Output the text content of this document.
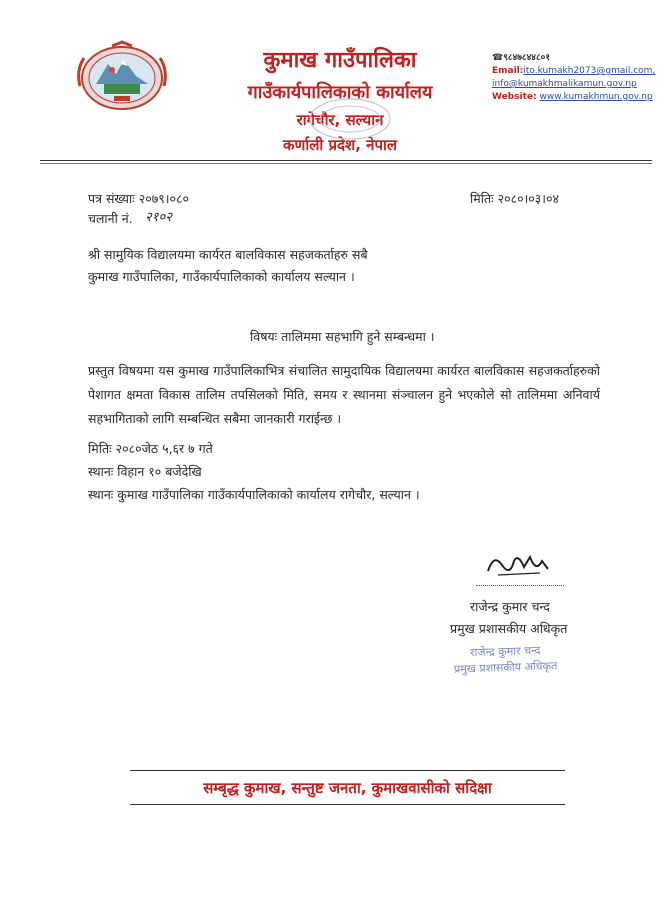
कुमाख गाउँपालिका
गाउँकार्यपालिकाको कार्यालय
रागेचौर, सल्यान
कर्णाली प्रदेश, नेपाल
☎९८४७८४४८०१
Email:ito.kumakh2073@gmail.com,
info@kumakhmalikamun.gov.np
Website: www.kumakhmun.gov.np
पत्र संख्याः २०७९।०८०
चलानी नं. २१०२
मितिः २०८०।०३।०४
श्री सामुयिक विद्यालयमा कार्यरत बालविकास सहजकर्ताहरु सबै
कुमाख गाउँपालिका, गाउँकार्यपालिकाको कार्यालय सल्यान ।
विषयः तालिममा सहभागि हुने सम्बन्धमा ।
प्रस्तुत विषयमा यस कुमाख गाउँपालिकाभित्र संचालित सामुदायिक विद्यालयमा कार्यरत बालविकास सहजकर्ताहरुको पेशागत क्षमता विकास तालिम तपसिलको मिति, समय र स्थानमा संञ्चालन हुने भएकोले सो तालिममा अनिवार्य सहभागिताको लागि सम्बन्धित सबैमा जानकारी गराईन्छ ।
मितिः २०८०जेठ ५,६र ७ गते
स्थानः विहान १० बजेदेखि
स्थानः कुमाख गाउँपालिका गाउँकार्यपालिकाको कार्यालय रागेचौर, सल्यान ।
राजेन्द्र कुमार चन्द
प्रमुख प्रशासकीय अधिकृत
राजेन्द्र कुमार चन्द
प्रमुख प्रशासकीय अधिकृत
सम्बृद्ध कुमाख, सन्तुष्ट जनता, कुमाखवासीको सदिक्षा
